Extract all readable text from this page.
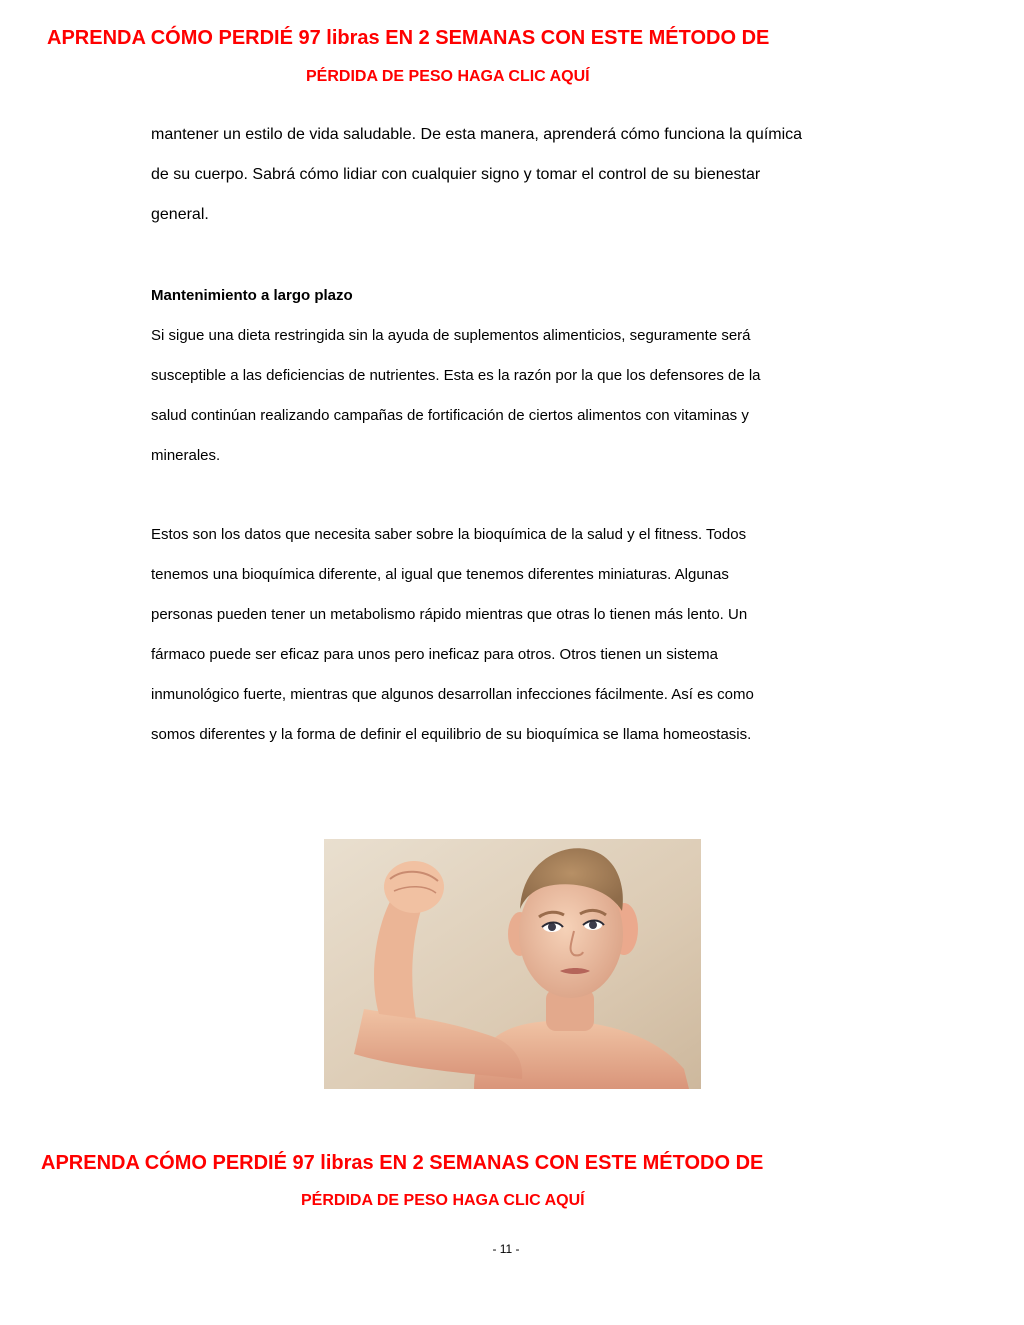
APRENDA CÓMO PERDIÉ 97 libras EN 2 SEMANAS CON ESTE MÉTODO DE
PÉRDIDA DE PESO HAGA CLIC AQUÍ
mantener un estilo de vida saludable. De esta manera, aprenderá cómo funciona la química
de su cuerpo. Sabrá cómo lidiar con cualquier signo y tomar el control de su bienestar
general.
Mantenimiento a largo plazo
Si sigue una dieta restringida sin la ayuda de suplementos alimenticios, seguramente será
susceptible a las deficiencias de nutrientes. Esta es la razón por la que los defensores de la
salud continúan realizando campañas de fortificación de ciertos alimentos con vitaminas y
minerales.
Estos son los datos que necesita saber sobre la bioquímica de la salud y el fitness. Todos
tenemos una bioquímica diferente, al igual que tenemos diferentes miniaturas. Algunas
personas pueden tener un metabolismo rápido mientras que otras lo tienen más lento. Un
fármaco puede ser eficaz para unos pero ineficaz para otros. Otros tienen un sistema
inmunológico fuerte, mientras que algunos desarrollan infecciones fácilmente. Así es como
somos diferentes y la forma de definir el equilibrio de su bioquímica se llama homeostasis.
APRENDA CÓMO PERDIÉ 97 libras EN 2 SEMANAS CON ESTE MÉTODO DE
PÉRDIDA DE PESO HAGA CLIC AQUÍ
- 11 -
